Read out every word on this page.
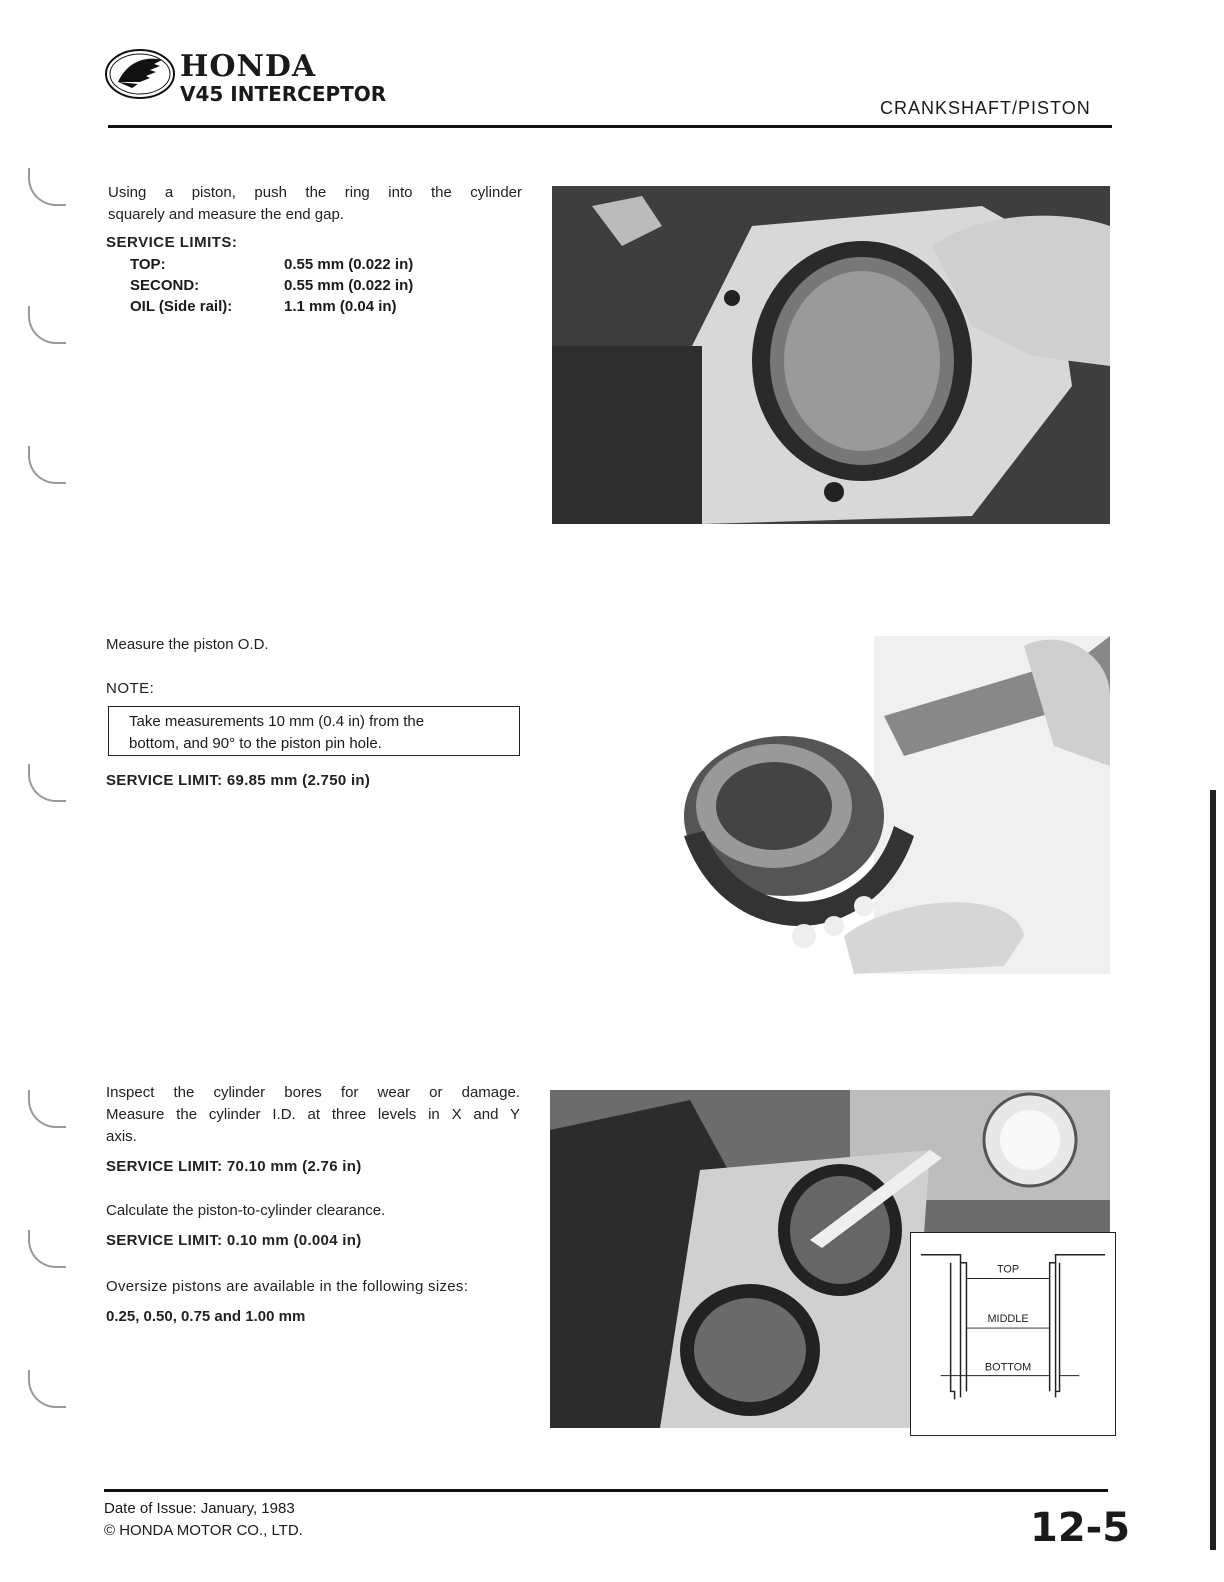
HONDA
V45 INTERCEPTOR
CRANKSHAFT/PISTON
Using a piston, push the ring into the cylinder
squarely and measure the end gap.
SERVICE LIMITS:
TOP:	0.55 mm (0.022 in)
SECOND:	0.55 mm (0.022 in)
OIL (Side rail):	1.1 mm (0.04 in)
Measure the piston O.D.
NOTE:
Take measurements 10 mm (0.4 in) from the
bottom, and 90° to the piston pin hole.
SERVICE LIMIT: 69.85 mm (2.750 in)
Inspect the cylinder bores for wear or damage.
Measure the cylinder I.D. at three levels in X and Y
axis.
SERVICE LIMIT: 70.10 mm (2.76 in)
Calculate the piston-to-cylinder clearance.
SERVICE LIMIT: 0.10 mm (0.004 in)
Oversize pistons are available in the following sizes:
0.25, 0.50, 0.75 and 1.00 mm
TOP
MIDDLE
BOTTOM
Date of Issue: January, 1983
© HONDA MOTOR CO., LTD.	12-5
